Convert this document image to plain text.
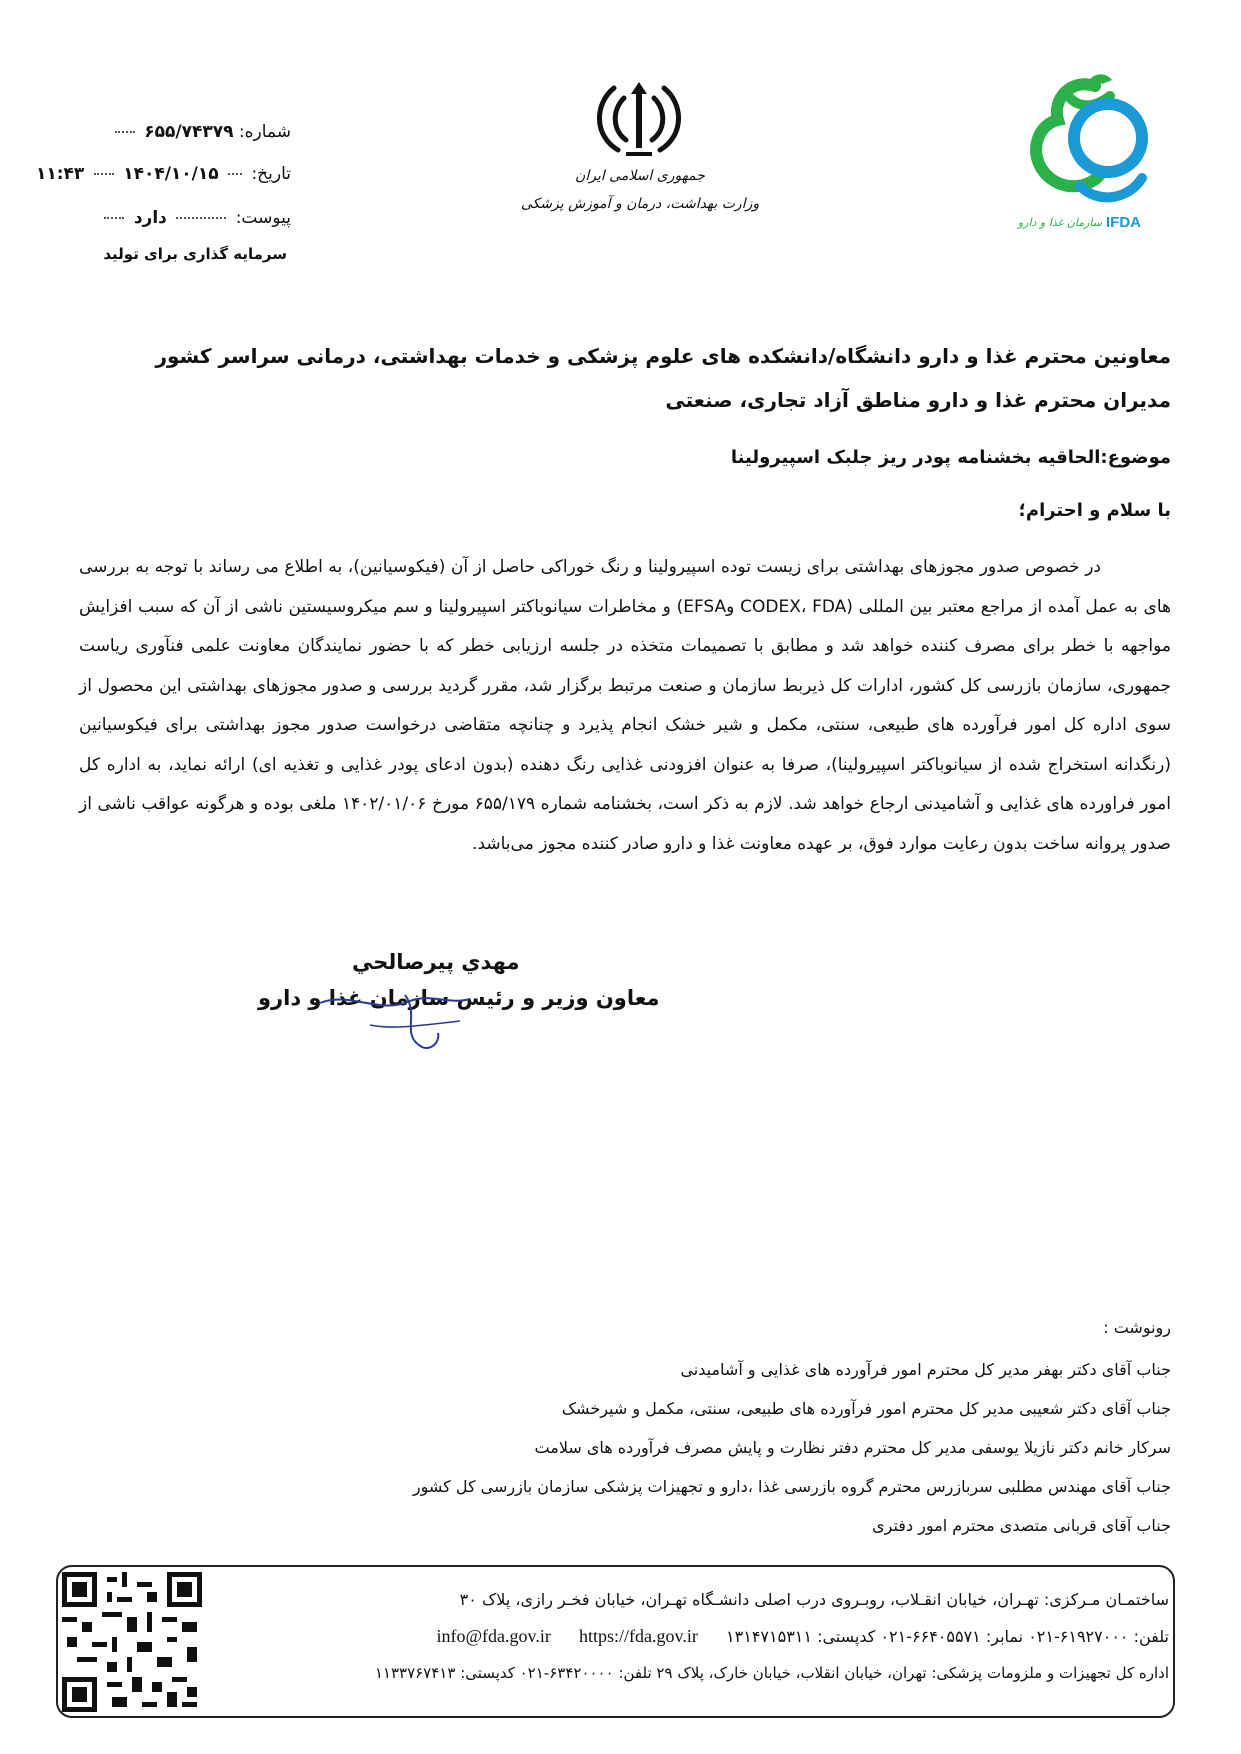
شماره: ۶۵۵/۷۴۳۷۹
تاریخ:  ۱۴۰۴/۱۰/۱۵
۱۱:۴۳
پیوست:  دارد
سرمایه گذاری برای تولید
جمهوری اسلامی ایران
وزارت بهداشت، درمان و آموزش پزشکی
سازمان غذا و دارو IFDA
معاونین محترم غذا و دارو دانشگاه/دانشکده های علوم پزشکی و خدمات بهداشتی، درمانی سراسر کشور
مدیران محترم غذا و دارو مناطق آزاد تجاری، صنعتی
موضوع:الحاقیه بخشنامه پودر ریز جلبک اسپیرولینا
با سلام و احترام؛
در خصوص صدور مجوزهای بهداشتی برای زیست توده اسپیرولینا و رنگ خوراکی حاصل از آن (فیکوسیانین)، به اطلاع می رساند با توجه به بررسی های به عمل آمده از مراجع معتبر بین المللی (CODEX، FDA وEFSA) و مخاطرات سیانوباکتر اسپیرولینا و سم میکروسیستین ناشی از آن که سبب افزایش مواجهه با خطر برای مصرف کننده خواهد شد و مطابق با تصمیمات متخذه در جلسه ارزیابی خطر که با حضور نمایندگان معاونت علمی فنآوری ریاست جمهوری، سازمان بازرسی کل کشور، ادارات کل ذیربط سازمان و صنعت مرتبط برگزار شد، مقرر گردید بررسی و صدور مجوزهای بهداشتی این محصول از سوی اداره کل امور فرآورده های طبیعی، سنتی، مکمل و شیر خشک انجام پذیرد و چنانچه متقاضی درخواست صدور مجوز بهداشتی برای فیکوسیانین (رنگدانه استخراج شده از سیانوباکتر اسپیرولینا)، صرفا به عنوان افزودنی غذایی رنگ دهنده (بدون ادعای پودر غذایی و تغذیه ای) ارائه نماید، به اداره کل امور فراورده های غذایی و آشامیدنی ارجاع خواهد شد. لازم به ذکر است، بخشنامه شماره ۶۵۵/۱۷۹ مورخ ۱۴۰۲/۰۱/۰۶ ملغی بوده و هرگونه عواقب ناشی از صدور پروانه ساخت بدون رعایت موارد فوق، بر عهده معاونت غذا و دارو صادر کننده مجوز می‌باشد.
مهدي پيرصالحي
معاون وزیر و رئیس سازمان غذا و دارو
رونوشت :
جناب آقای دکتر بهفر مدیر کل محترم امور فرآورده های غذایی و آشامیدنی
جناب آقای دکتر شعیبی مدیر کل محترم امور فرآورده های طبیعی، سنتی، مکمل و شیرخشک
سرکار خانم دکتر نازیلا یوسفی مدیر کل محترم دفتر نظارت و پایش مصرف فرآورده های سلامت
جناب آقای مهندس مطلبی سربازرس محترم گروه بازرسی غذا ،دارو و تجهیزات پزشکی سازمان بازرسی کل کشور
جناب آقای قربانی متصدی محترم امور دفتری
ساختمـان مـرکزی: تهـران، خیابان انقـلاب، روبـروی درب اصلی دانشـگاه تهـران، خیابان فخـر رازی، پلاک ۳۰
تلفن: ۶۱۹۲۷۰۰۰-۰۲۱ نمابر: ۶۶۴۰۵۵۷۱-۰۲۱ کدپستی: ۱۳۱۴۷۱۵۳۱۱  info@fda.gov.ir https://fda.gov.ir
اداره کل تجهیزات و ملزومات پزشکی: تهران، خیابان انقلاب، خیابان خارک، پلاک ۲۹ تلفن: ۶۳۴۲۰۰۰۰-۰۲۱ کدپستی: ۱۱۳۳۷۶۷۴۱۳
